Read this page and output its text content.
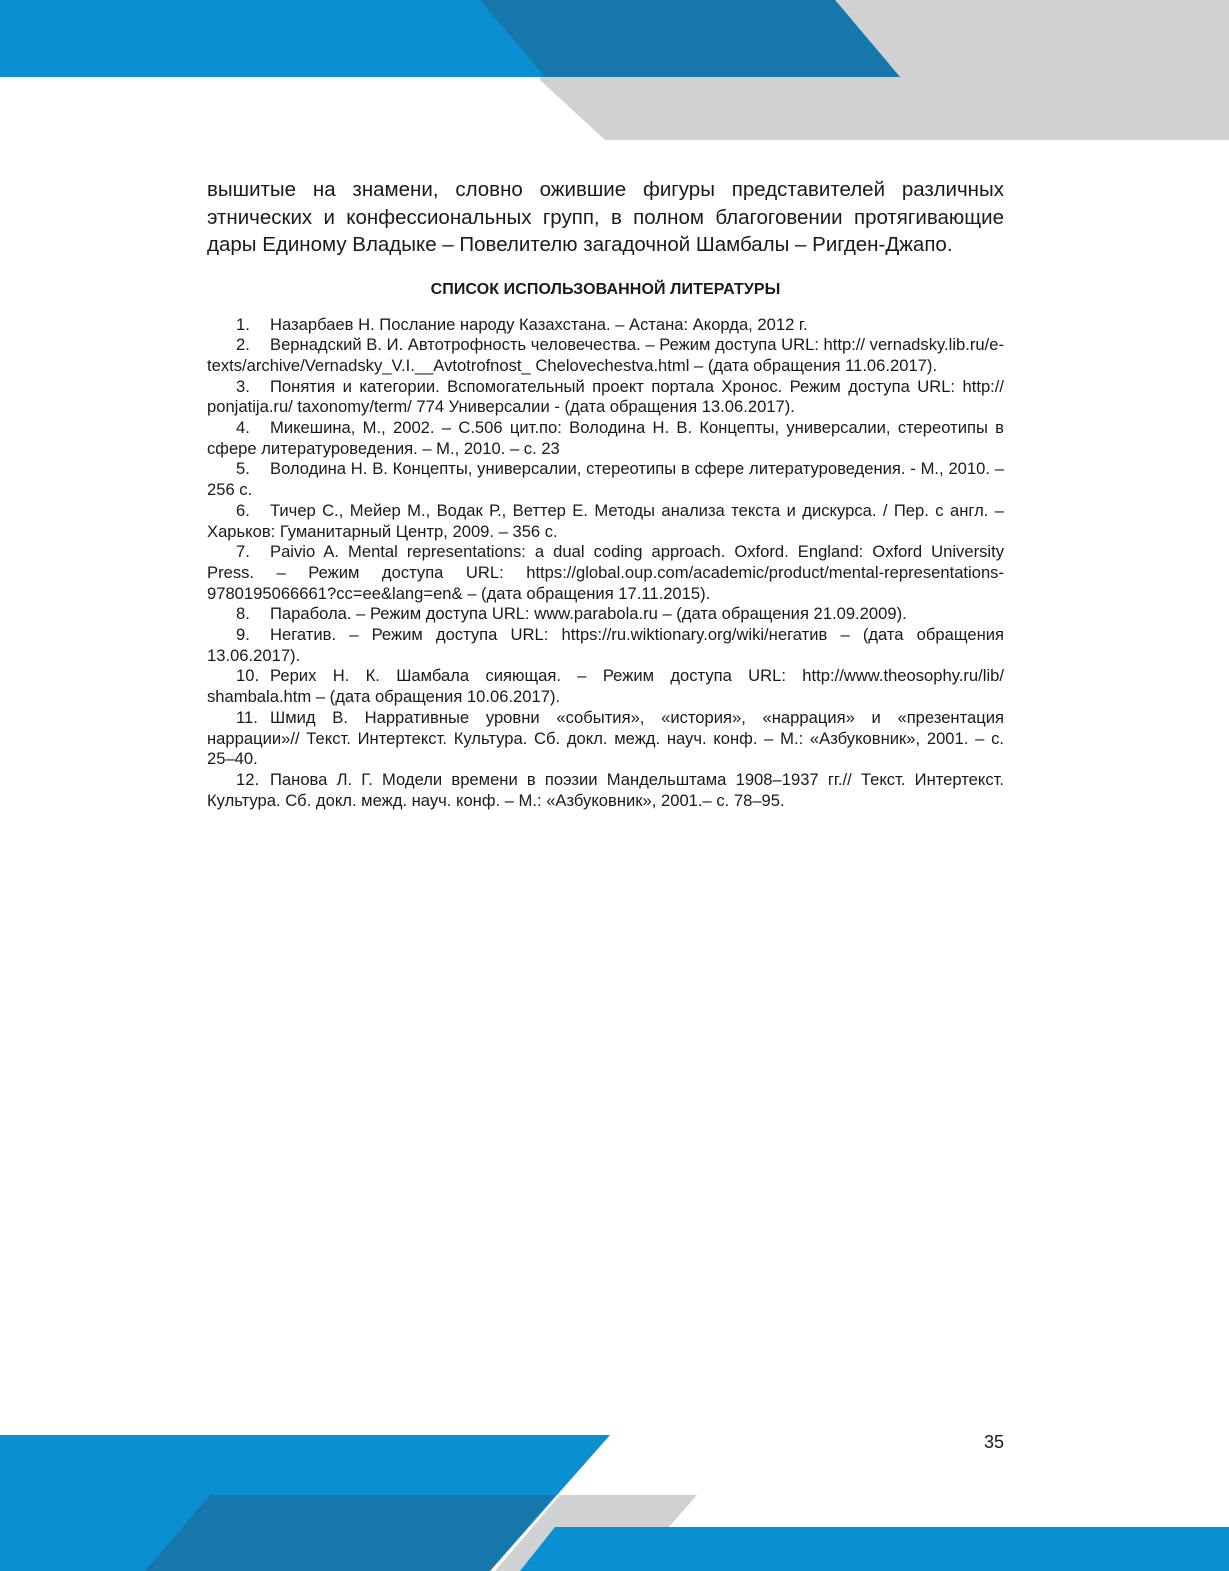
вышитые на знамени, словно ожившие фигуры представителей различных этнических и конфессиональных групп, в полном благоговении протягивающие дары Единому Владыке – Повелителю загадочной Шамбалы – Ригден-Джапо.

СПИСОК ИСПОЛЬЗОВАННОЙ ЛИТЕРАТУРЫ

1. Назарбаев Н. Послание народу Казахстана. – Астана: Акорда, 2012 г.

2. Вернадский В. И. Автотрофность человечества. – Режим доступа URL: http:// vernadsky.lib.ru/e-texts/archive/Vernadsky_V.I.__Avtotrofnost_ Chelovechestva.html – (дата обращения 11.06.2017).

3. Понятия и категории. Вспомогательный проект портала Хронос. Режим доступа URL: http:// ponjatija.ru/ taxonomy/term/ 774 Универсалии - (дата обращения 13.06.2017).

4. Микешина, М., 2002. – С.506 цит.по: Володина Н. В. Концепты, универсалии, стереотипы в сфере литературоведения. – М., 2010. – с. 23

5. Володина Н. В. Концепты, универсалии, стереотипы в сфере литературоведения. - М., 2010. – 256 с.

6. Тичер С., Мейер М., Водак Р., Веттер Е. Методы анализа текста и дискурса. / Пер. с англ. – Харьков: Гуманитарный Центр, 2009. – 356 с.

7. Paivio A. Mental representations: a dual coding approach. Oxford. England: Oxford University Press. – Режим доступа URL: https://global.oup.com/academic/product/mental-representations-9780195066661?cc=ee&lang=en& – (дата обращения 17.11.2015).

8. Парабола. – Режим доступа URL: www.parabola.ru – (дата обращения 21.09.2009).

9. Негатив. – Режим доступа URL: https://ru.wiktionary.org/wiki/негатив – (дата обращения 13.06.2017).

10. Рерих Н. К. Шамбала сияющая. – Режим доступа URL: http://www.theosophy.ru/lib/ shambala.htm – (дата обращения 10.06.2017).

11. Шмид В. Нарративные уровни «события», «история», «наррация» и «презентация наррации»// Текст. Интертекст. Культура. Сб. докл. межд. науч. конф. – М.: «Азбуковник», 2001. – с. 25–40.

12. Панова Л. Г. Модели времени в поэзии Мандельштама 1908–1937 гг.// Текст. Интертекст. Культура. Сб. докл. межд. науч. конф. – М.: «Азбуковник», 2001.– с. 78–95.

35
